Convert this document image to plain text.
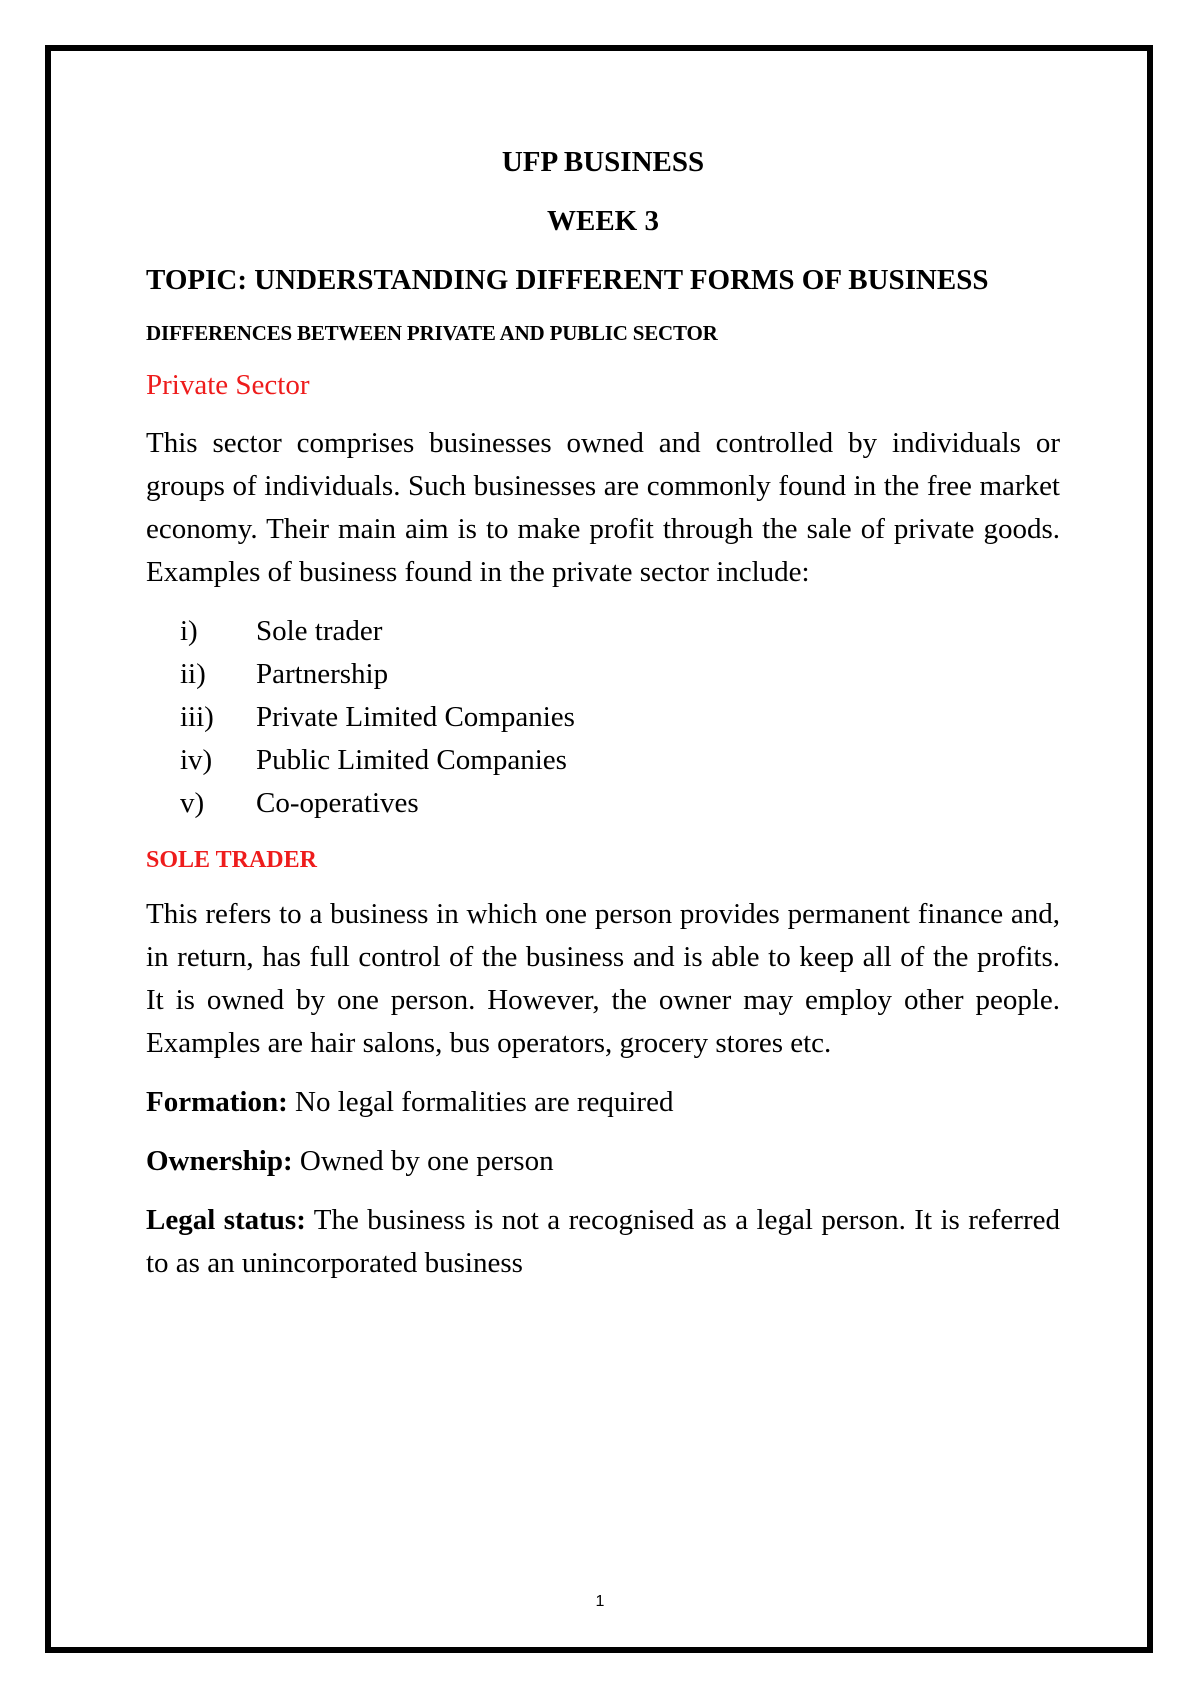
UFP BUSINESS

WEEK 3

TOPIC: UNDERSTANDING DIFFERENT FORMS OF BUSINESS

DIFFERENCES BETWEEN PRIVATE AND PUBLIC SECTOR

Private Sector

This sector comprises businesses owned and controlled by individuals or groups of individuals. Such businesses are commonly found in the free market economy. Their main aim is to make profit through the sale of private goods. Examples of business found in the private sector include:

i)	Sole trader
ii)	Partnership
iii)	Private Limited Companies
iv)	Public Limited Companies
v)	Co-operatives

SOLE TRADER

This refers to a business in which one person provides permanent finance and, in return, has full control of the business and is able to keep all of the profits. It is owned by one person. However, the owner may employ other people. Examples are hair salons, bus operators, grocery stores etc.

Formation: No legal formalities are required

Ownership: Owned by one person

Legal status: The business is not a recognised as a legal person. It is referred to as an unincorporated business

1
